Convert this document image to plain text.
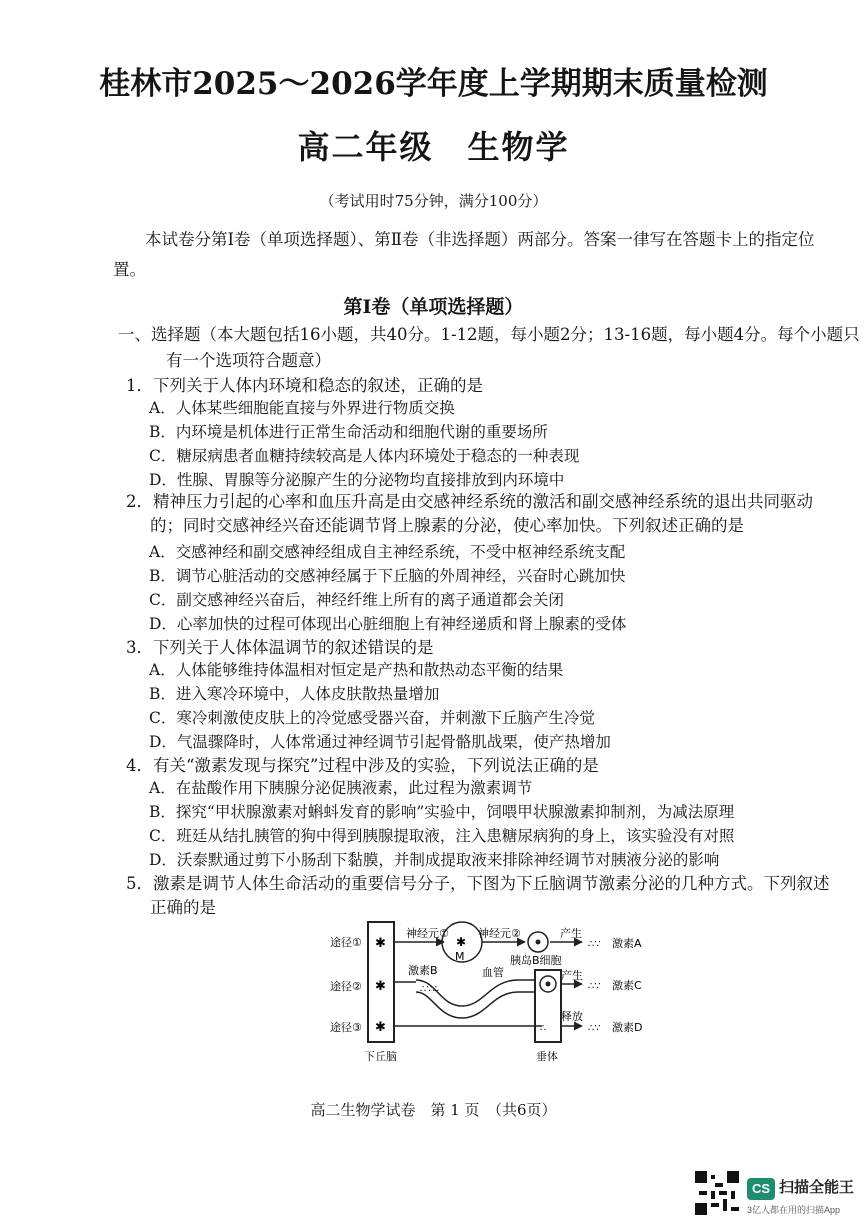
桂林市2025～2026学年度上学期期末质量检测
高二年级　生物学
（考试用时75分钟，满分100分）
本试卷分第Ⅰ卷（单项选择题）、第Ⅱ卷（非选择题）两部分。答案一律写在答题卡上的指定位置。
第Ⅰ卷（单项选择题）
一、选择题（本大题包括16小题，共40分。1-12题，每小题2分；13-16题，每小题4分。每个小题只有一个选项符合题意）
1．下列关于人体内环境和稳态的叙述，正确的是
A．人体某些细胞能直接与外界进行物质交换
B．内环境是机体进行正常生命活动和细胞代谢的重要场所
C．糖尿病患者血糖持续较高是人体内环境处于稳态的一种表现
D．性腺、胃腺等分泌腺产生的分泌物均直接排放到内环境中
2．精神压力引起的心率和血压升高是由交感神经系统的激活和副交感神经系统的退出共同驱动的；同时交感神经兴奋还能调节肾上腺素的分泌，使心率加快。下列叙述正确的是
A．交感神经和副交感神经组成自主神经系统，不受中枢神经系统支配
B．调节心脏活动的交感神经属于下丘脑的外周神经，兴奋时心跳加快
C．副交感神经兴奋后，神经纤维上所有的离子通道都会关闭
D．心率加快的过程可体现出心脏细胞上有神经递质和肾上腺素的受体
3．下列关于人体体温调节的叙述错误的是
A．人体能够维持体温相对恒定是产热和散热动态平衡的结果
B．进入寒冷环境中，人体皮肤散热量增加
C．寒冷刺激使皮肤上的冷觉感受器兴奋，并刺激下丘脑产生冷觉
D．气温骤降时，人体常通过神经调节引起骨骼肌战栗，使产热增加
4．有关“激素发现与探究”过程中涉及的实验，下列说法正确的是
A．在盐酸作用下胰腺分泌促胰液素，此过程为激素调节
B．探究“甲状腺激素对蝌蚪发育的影响”实验中，饲喂甲状腺激素抑制剂，为减法原理
C．班廷从结扎胰管的狗中得到胰腺提取液，注入患糖尿病狗的身上，该实验没有对照
D．沃泰默通过剪下小肠刮下黏膜，并制成提取液来排除神经调节对胰液分泌的影响
5．激素是调节人体生命活动的重要信号分子，下图为下丘脑调节激素分泌的几种方式。下列叙述正确的是
途径①
途径②
途径③
✱
✱
✱
神经元①
✱
M
神经元②
胰岛B细胞
产生
∴∵ 激素A
激素B
∴∵∴
血管	产生
∴∵ 激素C
∴
释放
∴∵ 激素D
下丘脑	垂体
高二生物学试卷　第 1 页　（共6页）
CS 扫描全能王
3亿人都在用的扫描App
